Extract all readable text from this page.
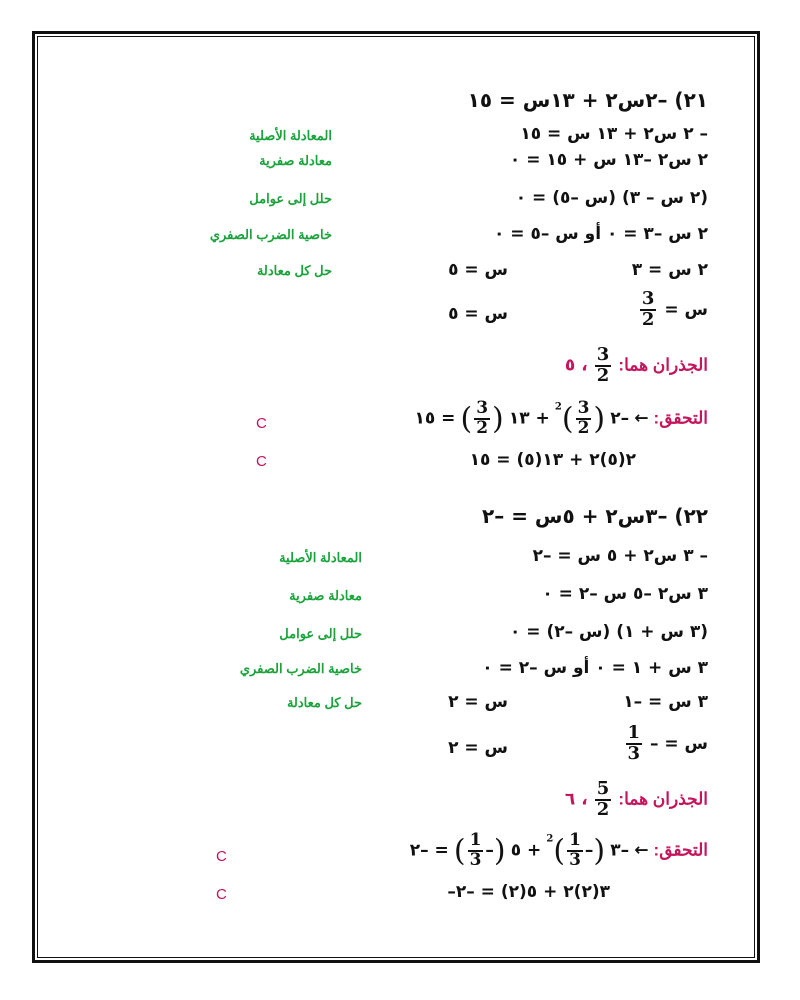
٢١) –٢س٢ + ١٣س = ١٥
– ٢ س٢ + ١٣ س = ١٥
المعادلة الأصلية
٢ س٢ –١٣ س + ١٥ = ٠
معادلة صفرية
(٢ س – ٣) (س –٥) = ٠
حلل إلى عوامل
٢ س –٣ = ٠ أو س –٥ = ٠
خاصية الضرب الصفري
٢ س = ٣
س = ٥
حل كل معادلة
س =
$\frac{3}{2}$
س = ٥
الجذران هما:
$\frac{3}{2}$
، ٥
التحقق: ← –٢ (
$\frac{3}{2}$
)$^2$ + ١٣ (
$\frac{3}{2}$
) = ١٥
C
٢(٥)٢ + ١٣(٥) = ١٥
C
٢٢) –٣س٢ + ٥س = –٢
– ٣ س٢ + ٥ س = –٢
المعادلة الأصلية
٣ س٢ –٥ س –٢ = ٠
معادلة صفرية
(٣ س + ١) (س –٢) = ٠
حلل إلى عوامل
٣ س + ١ = ٠ أو س –٢ = ٠
خاصية الضرب الصفري
٣ س = –١
س = ٢
حل كل معادلة
س = –
$\frac{1}{3}$
س = ٢
الجذران هما:
$\frac{5}{2}$
، ٦
التحقق: ← –٣ (–
$\frac{1}{3}$
)$^2$ + ٥ (–
$\frac{1}{3}$
) = –٢
C
–٣(٢)٢ + ٥(٢) = –٢
C
